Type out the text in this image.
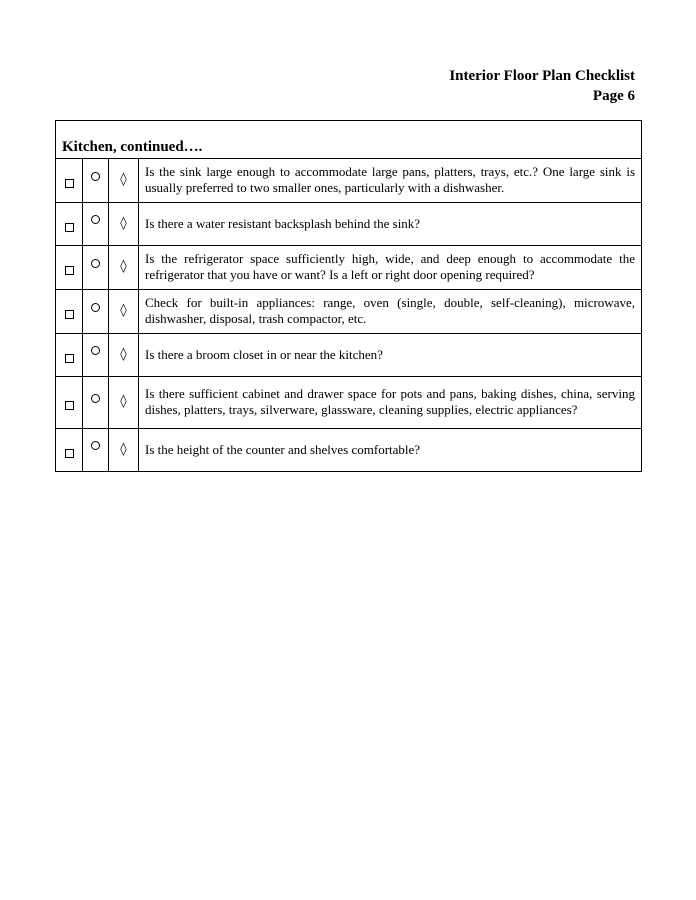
Interior Floor Plan Checklist
Page 6
Kitchen, continued….			
		◊	Is the sink large enough to accommodate large pans, platters, trays, etc.? One large sink is usually preferred to two smaller ones, particularly with a dishwasher.

		◊	Is there a water resistant backsplash behind the sink?

		◊	Is the refrigerator space sufficiently high, wide, and deep enough to accommodate the refrigerator that you have or want? Is a left or right door opening required?

		◊	Check for built-in appliances: range, oven (single, double, self-cleaning), microwave, dishwasher, disposal, trash compactor, etc.

		◊	Is there a broom closet in or near the kitchen?

		◊	Is there sufficient cabinet and drawer space for pots and pans, baking dishes, china, serving dishes, platters, trays, silverware, glassware, cleaning supplies, electric appliances?

		◊	Is the height of the counter and shelves comfortable?
